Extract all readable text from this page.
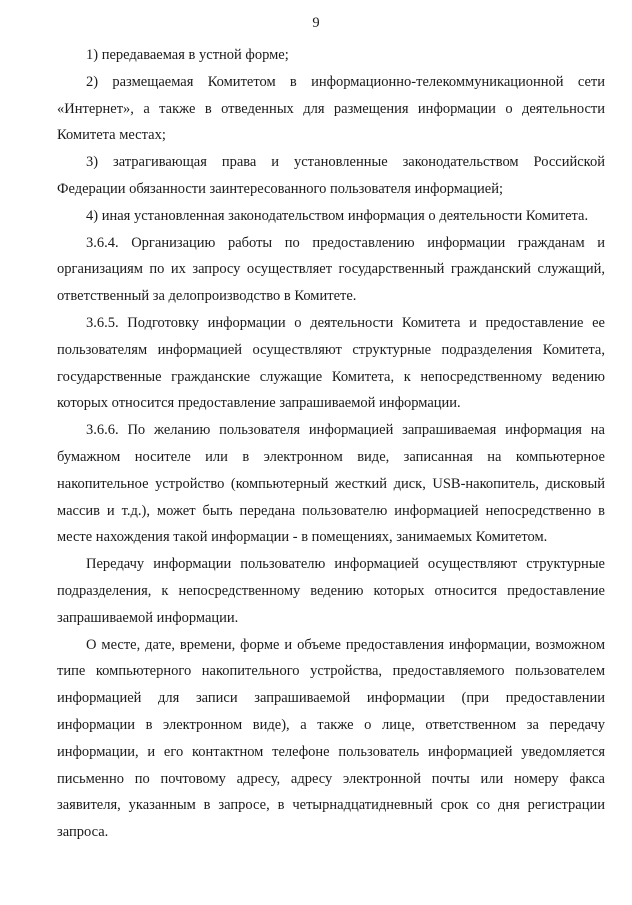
9

1) передаваемая в устной форме;

2) размещаемая Комитетом в информационно-телекоммуникационной сети «Интернет», а также в отведенных для размещения информации о деятельности Комитета местах;

3) затрагивающая права и установленные законодательством Российской Федерации обязанности заинтересованного пользователя информацией;

4) иная установленная законодательством информация о деятельности Комитета.

3.6.4. Организацию работы по предоставлению информации гражданам и организациям по их запросу осуществляет государственный гражданский служащий, ответственный за делопроизводство в Комитете.

3.6.5. Подготовку информации о деятельности Комитета и предоставление ее пользователям информацией осуществляют структурные подразделения Комитета, государственные гражданские служащие Комитета, к непосредственному ведению которых относится предоставление запрашиваемой информации.

3.6.6. По желанию пользователя информацией запрашиваемая информация на бумажном носителе или в электронном виде, записанная на компьютерное накопительное устройство (компьютерный жесткий диск, USB-накопитель, дисковый массив и т.д.), может быть передана пользователю информацией непосредственно в месте нахождения такой информации - в помещениях, занимаемых Комитетом.

Передачу информации пользователю информацией осуществляют структурные подразделения, к непосредственному ведению которых относится предоставление запрашиваемой информации.

О месте, дате, времени, форме и объеме предоставления информации, возможном типе компьютерного накопительного устройства, предоставляемого пользователем информацией для записи запрашиваемой информации (при предоставлении информации в электронном виде), а также о лице, ответственном за передачу информации, и его контактном телефоне пользователь информацией уведомляется письменно по почтовому адресу, адресу электронной почты или номеру факса заявителя, указанным в запросе, в четырнадцатидневный срок со дня регистрации запроса.
